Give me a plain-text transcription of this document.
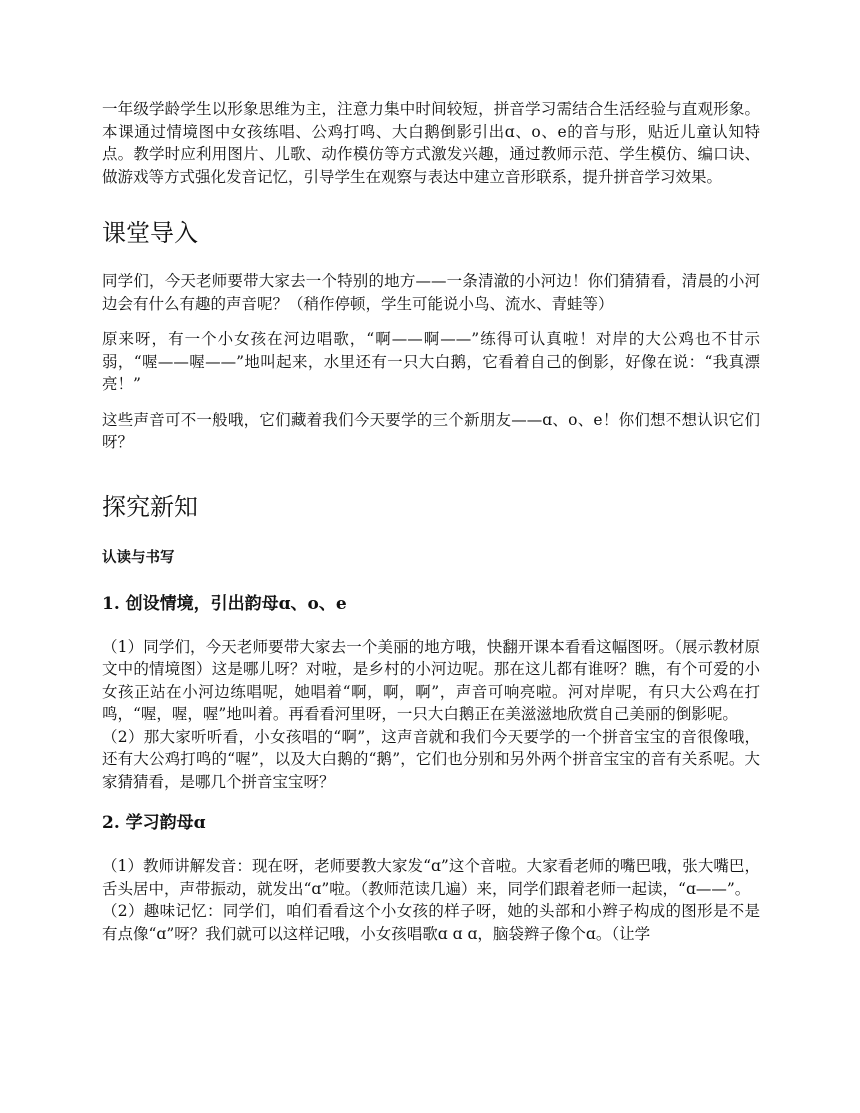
一年级学龄学生以形象思维为主，注意力集中时间较短，拼音学习需结合生活经验与直观形象。本课通过情境图中女孩练唱、公鸡打鸣、大白鹅倒影引出ɑ、o、e的音与形，贴近儿童认知特点。教学时应利用图片、儿歌、动作模仿等方式激发兴趣，通过教师示范、学生模仿、编口诀、做游戏等方式强化发音记忆，引导学生在观察与表达中建立音形联系，提升拼音学习效果。

课堂导入

同学们，今天老师要带大家去一个特别的地方——一条清澈的小河边！你们猜猜看，清晨的小河边会有什么有趣的声音呢？（稍作停顿，学生可能说小鸟、流水、青蛙等）

原来呀，有一个小女孩在河边唱歌，“啊——啊——”练得可认真啦！对岸的大公鸡也不甘示弱，“喔——喔——”地叫起来，水里还有一只大白鹅，它看着自己的倒影，好像在说：“我真漂亮！”

这些声音可不一般哦，它们藏着我们今天要学的三个新朋友——ɑ、o、e！你们想不想认识它们呀？

探究新知
认读与书写
1. 创设情境，引出韵母ɑ、o、e

（1）同学们，今天老师要带大家去一个美丽的地方哦，快翻开课本看看这幅图呀。（展示教材原文中的情境图）这是哪儿呀？对啦，是乡村的小河边呢。那在这儿都有谁呀？瞧，有个可爱的小女孩正站在小河边练唱呢，她唱着“啊，啊，啊”，声音可响亮啦。河对岸呢，有只大公鸡在打鸣，“喔，喔，喔”地叫着。再看看河里呀，一只大白鹅正在美滋滋地欣赏自己美丽的倒影呢。

（2）那大家听听看，小女孩唱的“啊”，这声音就和我们今天要学的一个拼音宝宝的音很像哦，还有大公鸡打鸣的“喔”，以及大白鹅的“鹅”，它们也分别和另外两个拼音宝宝的音有关系呢。大家猜猜看，是哪几个拼音宝宝呀？

2. 学习韵母ɑ

（1）教师讲解发音：现在呀，老师要教大家发“ɑ”这个音啦。大家看老师的嘴巴哦，张大嘴巴，舌头居中，声带振动，就发出“ɑ”啦。（教师范读几遍）来，同学们跟着老师一起读，“ɑ——”。

（2）趣味记忆：同学们，咱们看看这个小女孩的样子呀，她的头部和小辫子构成的图形是不是有点像“ɑ”呀？我们就可以这样记哦，小女孩唱歌ɑ ɑ ɑ，脑袋辫子像个ɑ。（让学
